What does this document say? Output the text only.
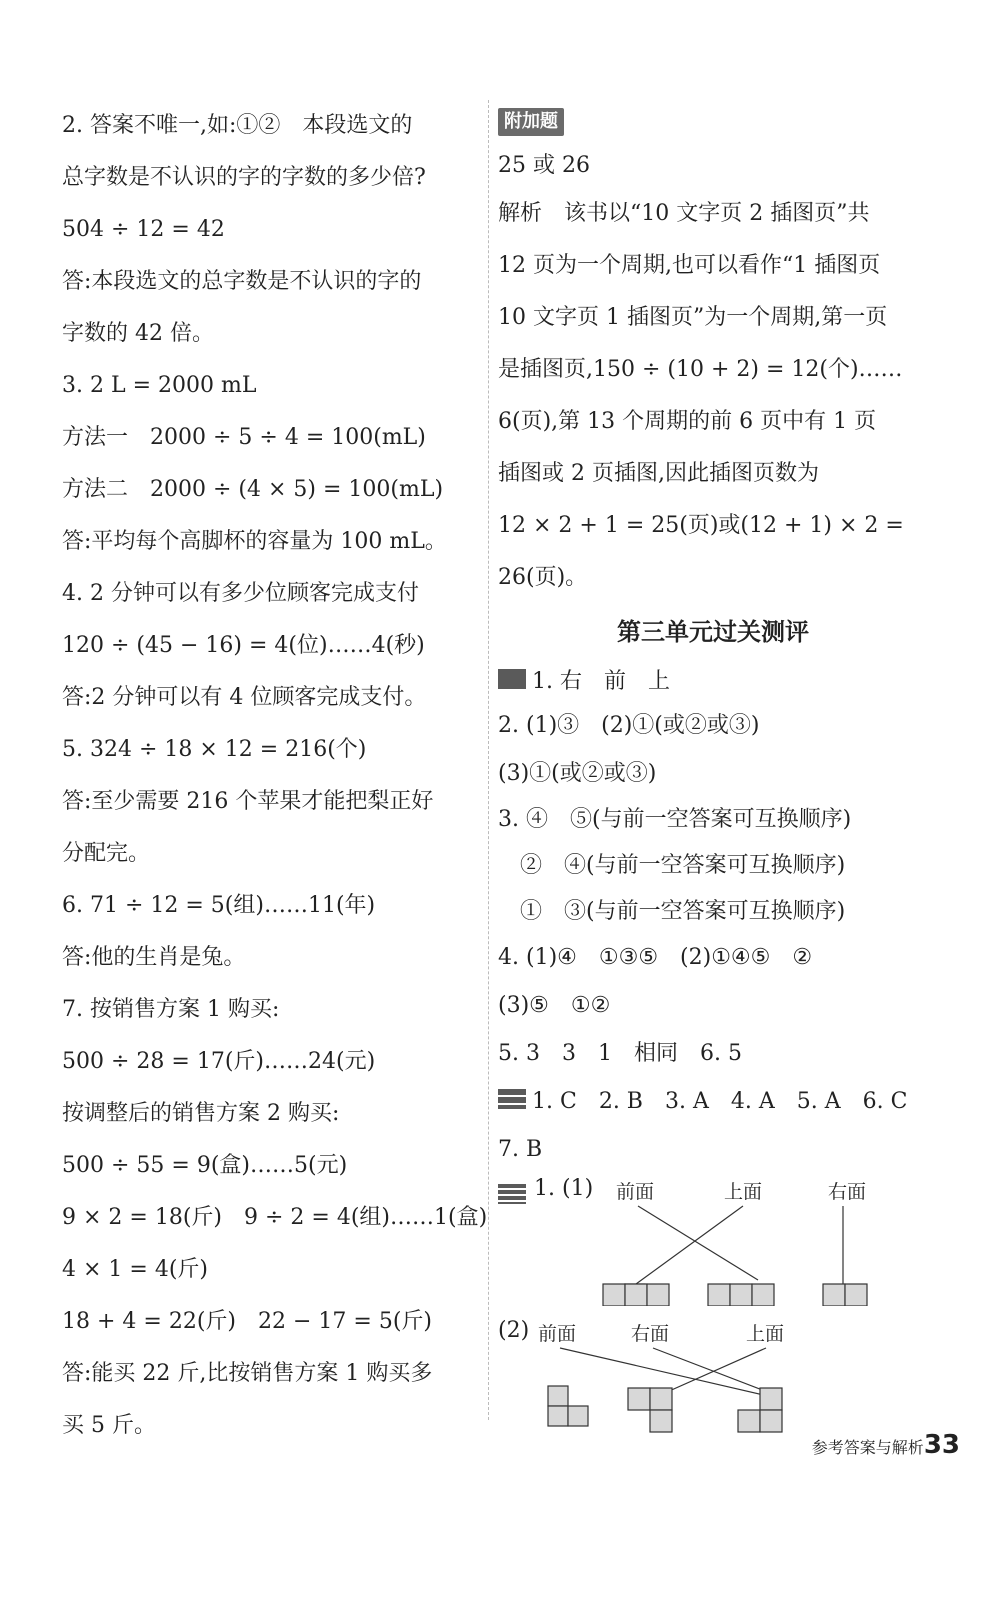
2. 答案不唯一,如:①②　本段选文的
总字数是不认识的字的字数的多少倍?
504 ÷ 12 = 42
答:本段选文的总字数是不认识的字的
字数的 42 倍。
3. 2 L = 2000 mL
方法一　2000 ÷ 5 ÷ 4 = 100(mL)
方法二　2000 ÷ (4 × 5) = 100(mL)
答:平均每个高脚杯的容量为 100 mL。
4. 2 分钟可以有多少位顾客完成支付
120 ÷ (45 − 16) = 4(位)……4(秒)
答:2 分钟可以有 4 位顾客完成支付。
5. 324 ÷ 18 × 12 = 216(个)
答:至少需要 216 个苹果才能把梨正好
分配完。
6. 71 ÷ 12 = 5(组)……11(年)
答:他的生肖是兔。
7. 按销售方案 1 购买:
500 ÷ 28 = 17(斤)……24(元)
按调整后的销售方案 2 购买:
500 ÷ 55 = 9(盒)……5(元)
9 × 2 = 18(斤)　9 ÷ 2 = 4(组)……1(盒)
4 × 1 = 4(斤)
18 + 4 = 22(斤)　22 − 17 = 5(斤)
答:能买 22 斤,比按销售方案 1 购买多
买 5 斤。
附加题
25 或 26
解析　该书以“10 文字页 2 插图页”共
12 页为一个周期,也可以看作“1 插图页
10 文字页 1 插图页”为一个周期,第一页
是插图页,150 ÷ (10 + 2) = 12(个)……
6(页),第 13 个周期的前 6 页中有 1 页
插图或 2 页插图,因此插图页数为
12 × 2 + 1 = 25(页)或(12 + 1) × 2 =
26(页)。
第三单元过关测评
1. 右　前　上
2. (1)③　(2)①(或②或③)
(3)①(或②或③)
3. ④　⑤(与前一空答案可互换顺序)
　②　④(与前一空答案可互换顺序)
　①　③(与前一空答案可互换顺序)
4. (1)④　①③⑤　(2)①④⑤　②
(3)⑤　①②
5. 3　3　1　相同　6. 5
1. C　2. B　3. A　4. A　5. A　6. C
7. B
1. (1) 前面	上面	右面
(2) 前面	右面	上面
参考答案与解析33
